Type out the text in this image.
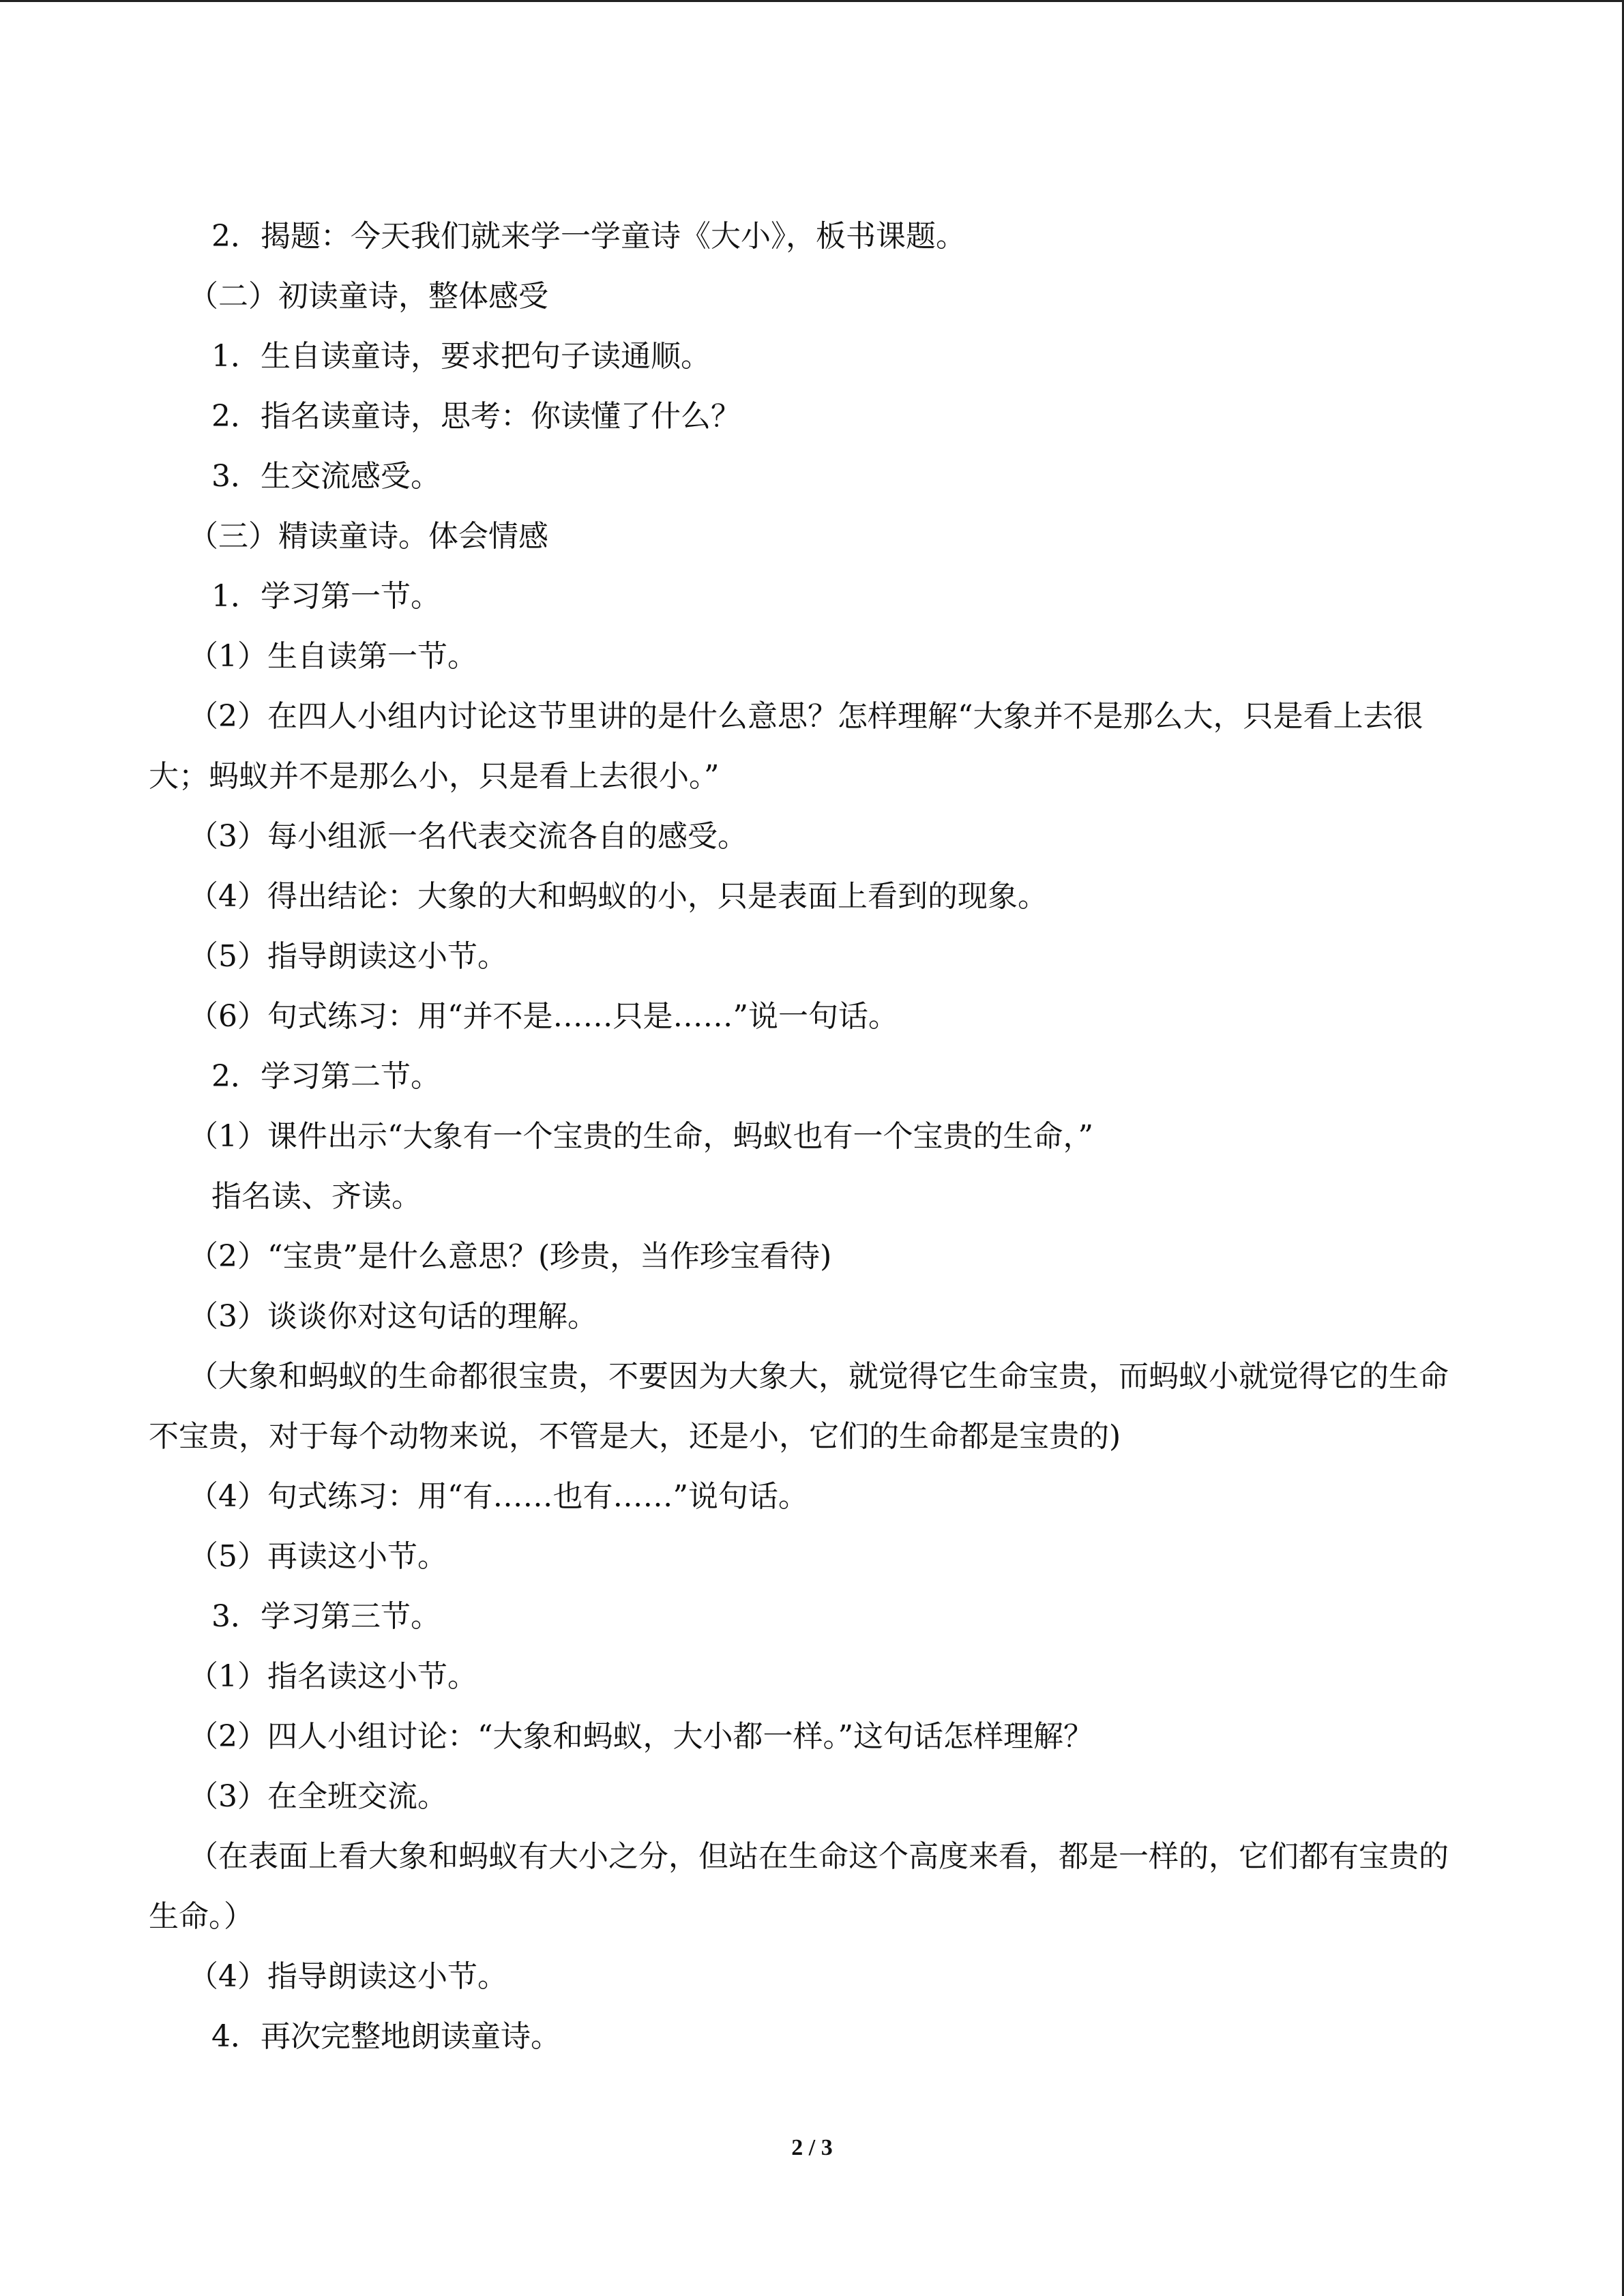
2．揭题：今天我们就来学一学童诗《大小》，板书课题。

（二）初读童诗，整体感受

1．生自读童诗，要求把句子读通顺。

2．指名读童诗，思考：你读懂了什么？

3．生交流感受。

（三）精读童诗。体会情感

1．学习第一节。

（1）生自读第一节。

（2）在四人小组内讨论这节里讲的是什么意思？怎样理解“大象并不是那么大，只是看上去很大；蚂蚁并不是那么小，只是看上去很小。”

（3）每小组派一名代表交流各自的感受。

（4）得出结论：大象的大和蚂蚁的小，只是表面上看到的现象。

（5）指导朗读这小节。

（6）句式练习：用“并不是……只是……”说一句话。

2．学习第二节。

（1）课件出示“大象有一个宝贵的生命，蚂蚁也有一个宝贵的生命，”

指名读、齐读。

（2）“宝贵”是什么意思？(珍贵，当作珍宝看待)

（3）谈谈你对这句话的理解。

（大象和蚂蚁的生命都很宝贵，不要因为大象大，就觉得它生命宝贵，而蚂蚁小就觉得它的生命不宝贵，对于每个动物来说，不管是大，还是小，它们的生命都是宝贵的)

（4）句式练习：用“有……也有……”说句话。

（5）再读这小节。

3．学习第三节。

（1）指名读这小节。

（2）四人小组讨论：“大象和蚂蚁，大小都一样。”这句话怎样理解？

（3）在全班交流。

（在表面上看大象和蚂蚁有大小之分，但站在生命这个高度来看，都是一样的，它们都有宝贵的生命。）

（4）指导朗读这小节。

4．再次完整地朗读童诗。

2 / 3
